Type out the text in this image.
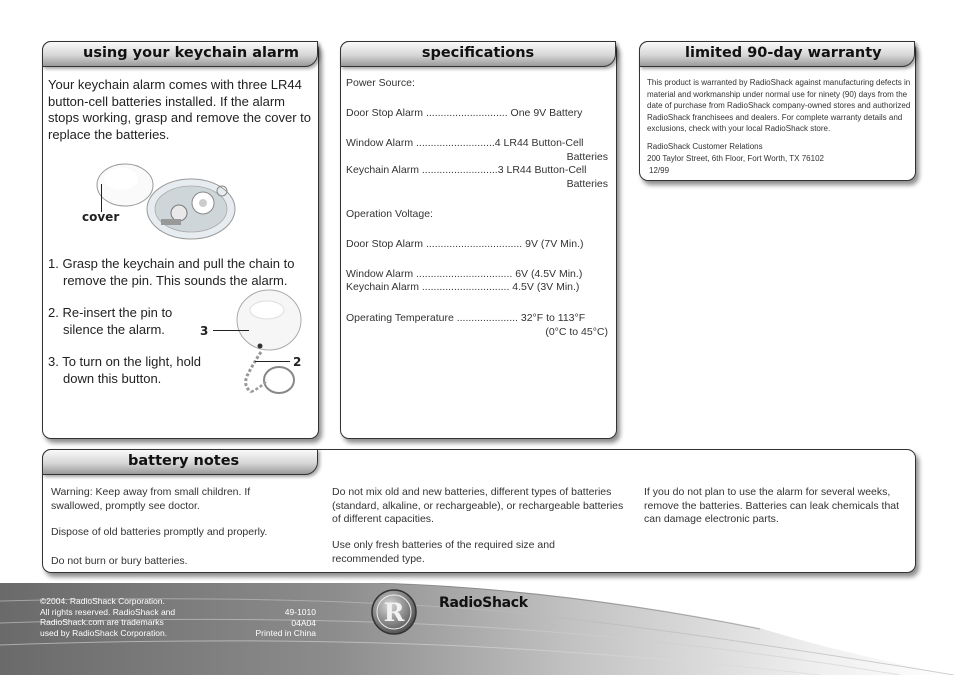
using your keychain alarm
Your keychain alarm comes with three LR44 button-cell batteries installed. If the alarm stops working, grasp and remove the cover to replace the batteries.
cover
1. Grasp the keychain and pull the chain to remove the pin. This sounds the alarm.
2. Re-insert the pin to silence the alarm.
3. To turn on the light, hold down this button.
3
2
specifications
Power Source:
Door Stop Alarm ............................ One 9V Battery
Window Alarm ...........................4 LR44 Button-Cell
Batteries
Keychain Alarm ..........................3 LR44 Button-Cell
Batteries
Operation Voltage:
Door Stop Alarm ................................. 9V (7V Min.)
Window Alarm ................................. 6V (4.5V Min.)
Keychain Alarm .............................. 4.5V (3V Min.)
Operating Temperature ..................... 32°F to 113°F
(0°C to 45°C)
limited 90-day warranty
This product is warranted by RadioShack against manufacturing defects in material and workmanship under normal use for ninety (90) days from the date of purchase from RadioShack company-owned stores and authorized RadioShack franchisees and dealers. For complete warranty details and exclusions, check with your local RadioShack store.
RadioShack Customer Relations
200 Taylor Street, 6th Floor, Fort Worth, TX 76102
12/99
battery notes
Warning: Keep away from small children. If swallowed, promptly see doctor.
Dispose of old batteries promptly and properly.
Do not burn or bury batteries.
Do not mix old and new batteries, different types of batteries (standard, alkaline, or rechargeable), or rechargeable batteries of different capacities.
Use only fresh batteries of the required size and recommended type.
If you do not plan to use the alarm for several weeks, remove the batteries. Batteries can leak chemicals that can damage electronic parts.
©2004. RadioShack Corporation.
All rights reserved. RadioShack and
RadioShack.com are trademarks
used by RadioShack Corporation.
49-1010
04A04
Printed in China
R RadioShack
